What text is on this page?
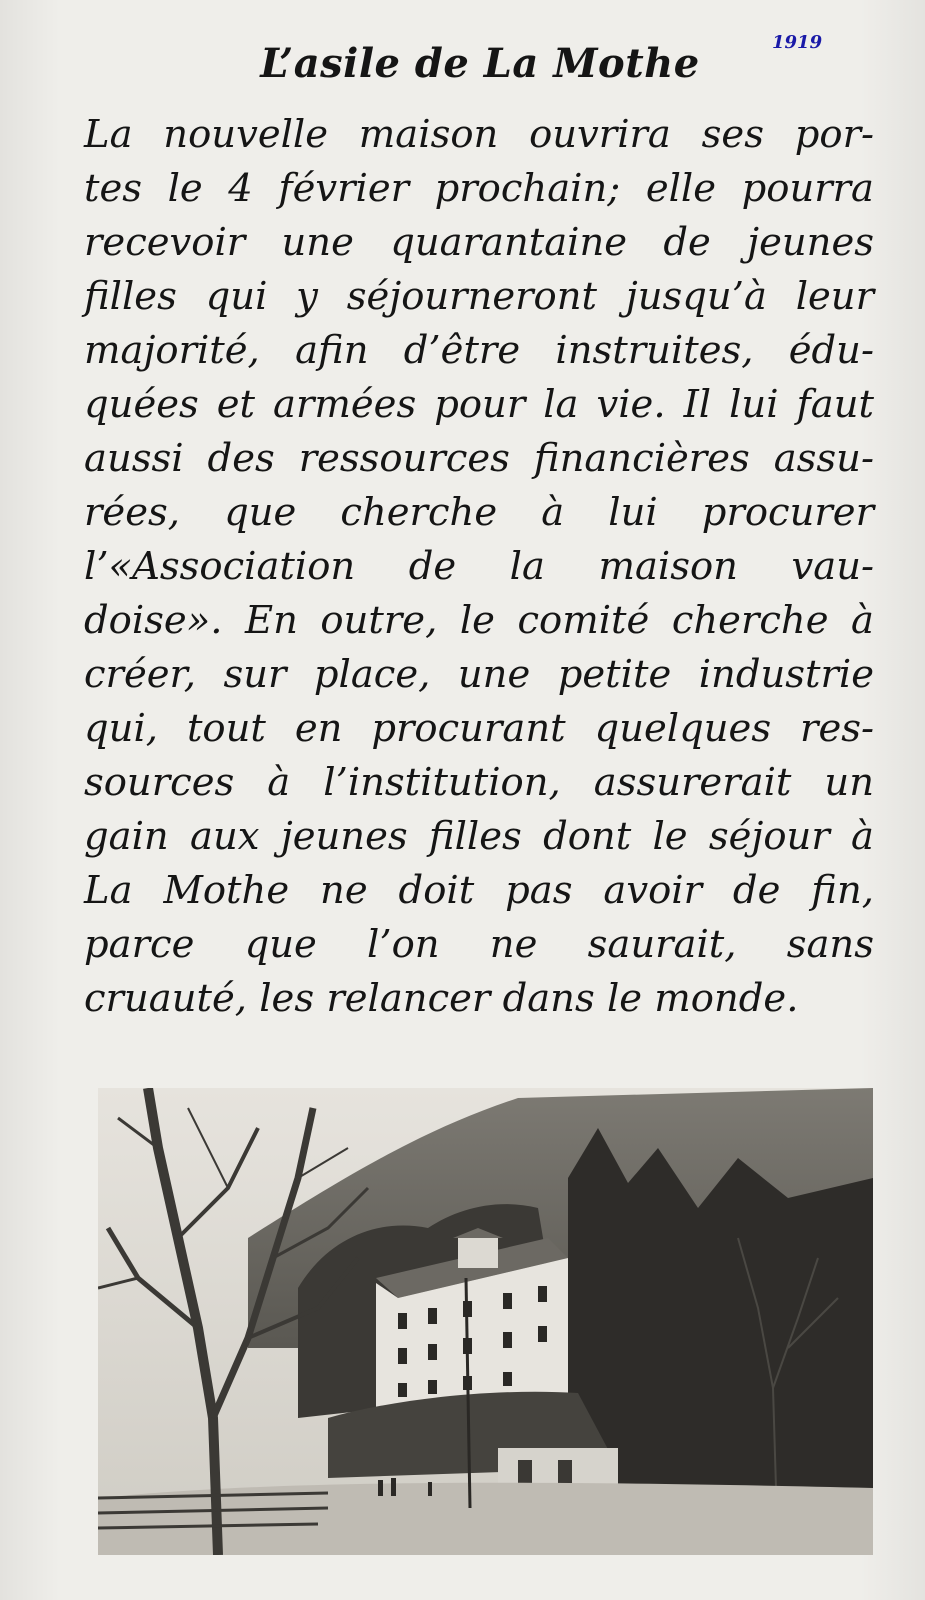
1919
L’asile de La Mothe
La nouvelle maison ouvrira ses por-
tes le 4 février prochain; elle pourra
recevoir une quarantaine de jeunes
filles qui y séjourneront jusqu’à leur
majorité, afin d’être instruites, édu-
quées et armées pour la vie. Il lui faut
aussi des ressources financières assu-
rées, que cherche à lui procurer
l’«Association de la maison vau-
doise». En outre, le comité cherche à
créer, sur place, une petite industrie
qui, tout en procurant quelques res-
sources à l’institution, assurerait un
gain aux jeunes filles dont le séjour à
La Mothe ne doit pas avoir de fin,
parce que l’on ne saurait, sans
cruauté, les relancer dans le monde.
